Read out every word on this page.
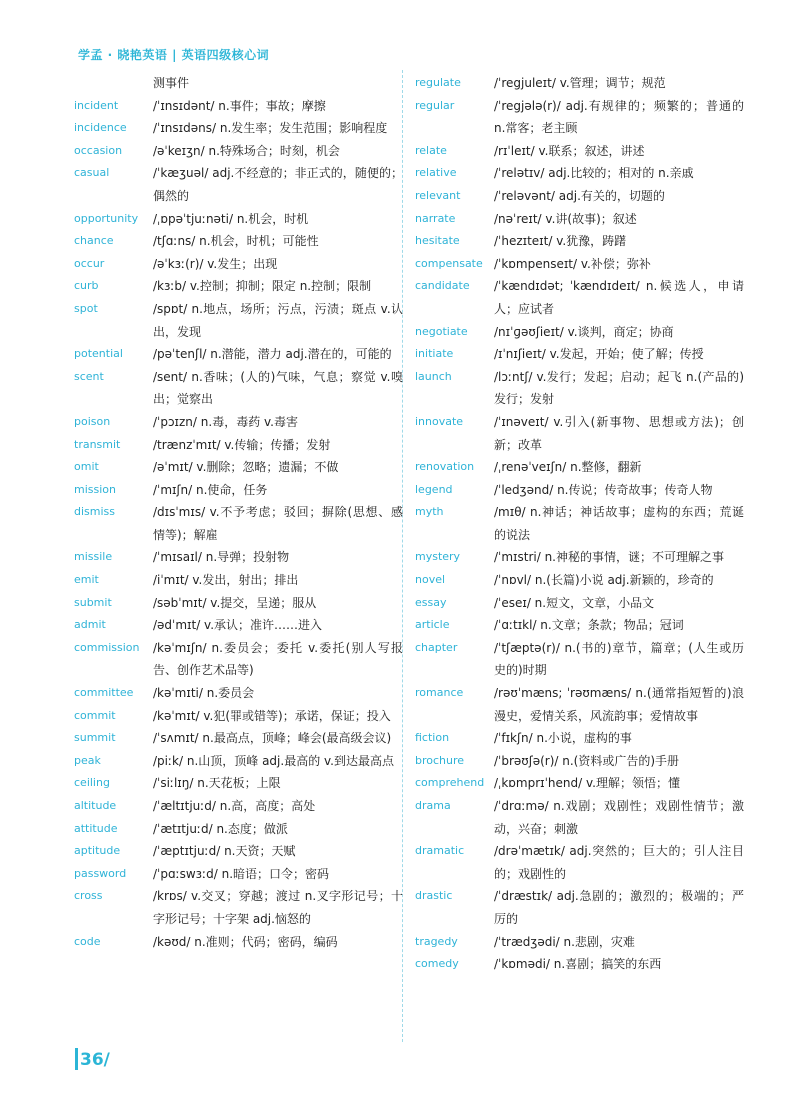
学孟 · 晓艳英语 | 英语四级核心词
测事件
incident	/ˈɪnsɪdənt/ n.事件；事故；摩擦
incidence	/ˈɪnsɪdəns/ n.发生率；发生范围；影响程度
occasion	/əˈkeɪʒn/ n.特殊场合；时刻，机会
casual	/ˈkæʒuəl/ adj.不经意的；非正式的，随便的；偶然的
opportunity	/ˌɒpəˈtjuːnəti/ n.机会，时机
chance	/tʃɑːns/ n.机会，时机；可能性
occur	/əˈkɜː(r)/ v.发生；出现
curb	/kɜːb/ v.控制；抑制；限定 n.控制；限制
spot	/spɒt/ n.地点，场所；污点，污渍；斑点 v.认出，发现
potential	/pəˈtenʃl/ n.潜能，潜力 adj.潜在的，可能的
scent	/sent/ n.香味；(人的)气味，气息；察觉 v.嗅出；觉察出
poison	/ˈpɔɪzn/ n.毒，毒药 v.毒害
transmit	/trænzˈmɪt/ v.传输；传播；发射
omit	/əˈmɪt/ v.删除；忽略；遗漏；不做
mission	/ˈmɪʃn/ n.使命，任务
dismiss	/dɪsˈmɪs/ v.不予考虑；驳回；摒除(思想、感情等)；解雇
missile	/ˈmɪsaɪl/ n.导弹；投射物
emit	/iˈmɪt/ v.发出，射出；排出
submit	/səbˈmɪt/ v.提交，呈递；服从
admit	/ədˈmɪt/ v.承认；准许……进入
commission	/kəˈmɪʃn/ n.委员会；委托 v.委托(别人写报告、创作艺术品等)
committee	/kəˈmɪti/ n.委员会
commit	/kəˈmɪt/ v.犯(罪或错等)；承诺，保证；投入
summit	/ˈsʌmɪt/ n.最高点，顶峰；峰会(最高级会议)
peak	/piːk/ n.山顶，顶峰 adj.最高的 v.到达最高点
ceiling	/ˈsiːlɪŋ/ n.天花板；上限
altitude	/ˈæltɪtjuːd/ n.高，高度；高处
attitude	/ˈætɪtjuːd/ n.态度；做派
aptitude	/ˈæptɪtjuːd/ n.天资；天赋
password	/ˈpɑːswɜːd/ n.暗语；口令；密码
cross	/krɒs/ v.交叉；穿越；渡过 n.叉字形记号；十字形记号；十字架 adj.恼怒的
code	/kəʊd/ n.准则；代码；密码，编码
regulate	/ˈregjuleɪt/ v.管理；调节；规范
regular	/ˈregjələ(r)/ adj.有规律的；频繁的；普通的 n.常客；老主顾
relate	/rɪˈleɪt/ v.联系；叙述，讲述
relative	/ˈrelətɪv/ adj.比较的；相对的 n.亲戚
relevant	/ˈreləvənt/ adj.有关的，切题的
narrate	/nəˈreɪt/ v.讲(故事)；叙述
hesitate	/ˈhezɪteɪt/ v.犹豫，踌躇
compensate /ˈkɒmpenseɪt/ v.补偿；弥补
candidate	/ˈkændɪdət; ˈkændɪdeɪt/ n.候选人，申请人；应试者
negotiate	/nɪˈɡəʊʃieɪt/ v.谈判，商定；协商
initiate	/ɪˈnɪʃieɪt/ v.发起，开始；使了解；传授
launch	/lɔːntʃ/ v.发行；发起；启动；起飞 n.(产品的)发行；发射
innovate	/ˈɪnəveɪt/ v.引入(新事物、思想或方法)；创新；改革
renovation	/ˌrenəˈveɪʃn/ n.整修，翻新
legend	/ˈledʒənd/ n.传说；传奇故事；传奇人物
myth	/mɪθ/ n.神话；神话故事；虚构的东西；荒诞的说法
mystery	/ˈmɪstri/ n.神秘的事情，谜；不可理解之事
novel	/ˈnɒvl/ n.(长篇)小说 adj.新颖的，珍奇的
essay	/ˈeseɪ/ n.短文，文章，小品文
article	/ˈɑːtɪkl/ n.文章；条款；物品；冠词
chapter	/ˈtʃæptə(r)/ n.(书的)章节，篇章；(人生或历史的)时期
romance	/rəʊˈmæns; ˈrəʊmæns/ n.(通常指短暂的)浪漫史，爱情关系，风流韵事；爱情故事
fiction	/ˈfɪkʃn/ n.小说，虚构的事
brochure	/ˈbrəʊʃə(r)/ n.(资料或广告的)手册
comprehend /ˌkɒmprɪˈhend/ v.理解；领悟；懂
drama	/ˈdrɑːmə/ n.戏剧；戏剧性；戏剧性情节；激动，兴奋；刺激
dramatic	/drəˈmætɪk/ adj.突然的；巨大的；引人注目的；戏剧性的
drastic	/ˈdræstɪk/ adj.急剧的；激烈的；极端的；严厉的
tragedy	/ˈtrædʒədi/ n.悲剧，灾难
comedy	/ˈkɒmədi/ n.喜剧；搞笑的东西
36/
